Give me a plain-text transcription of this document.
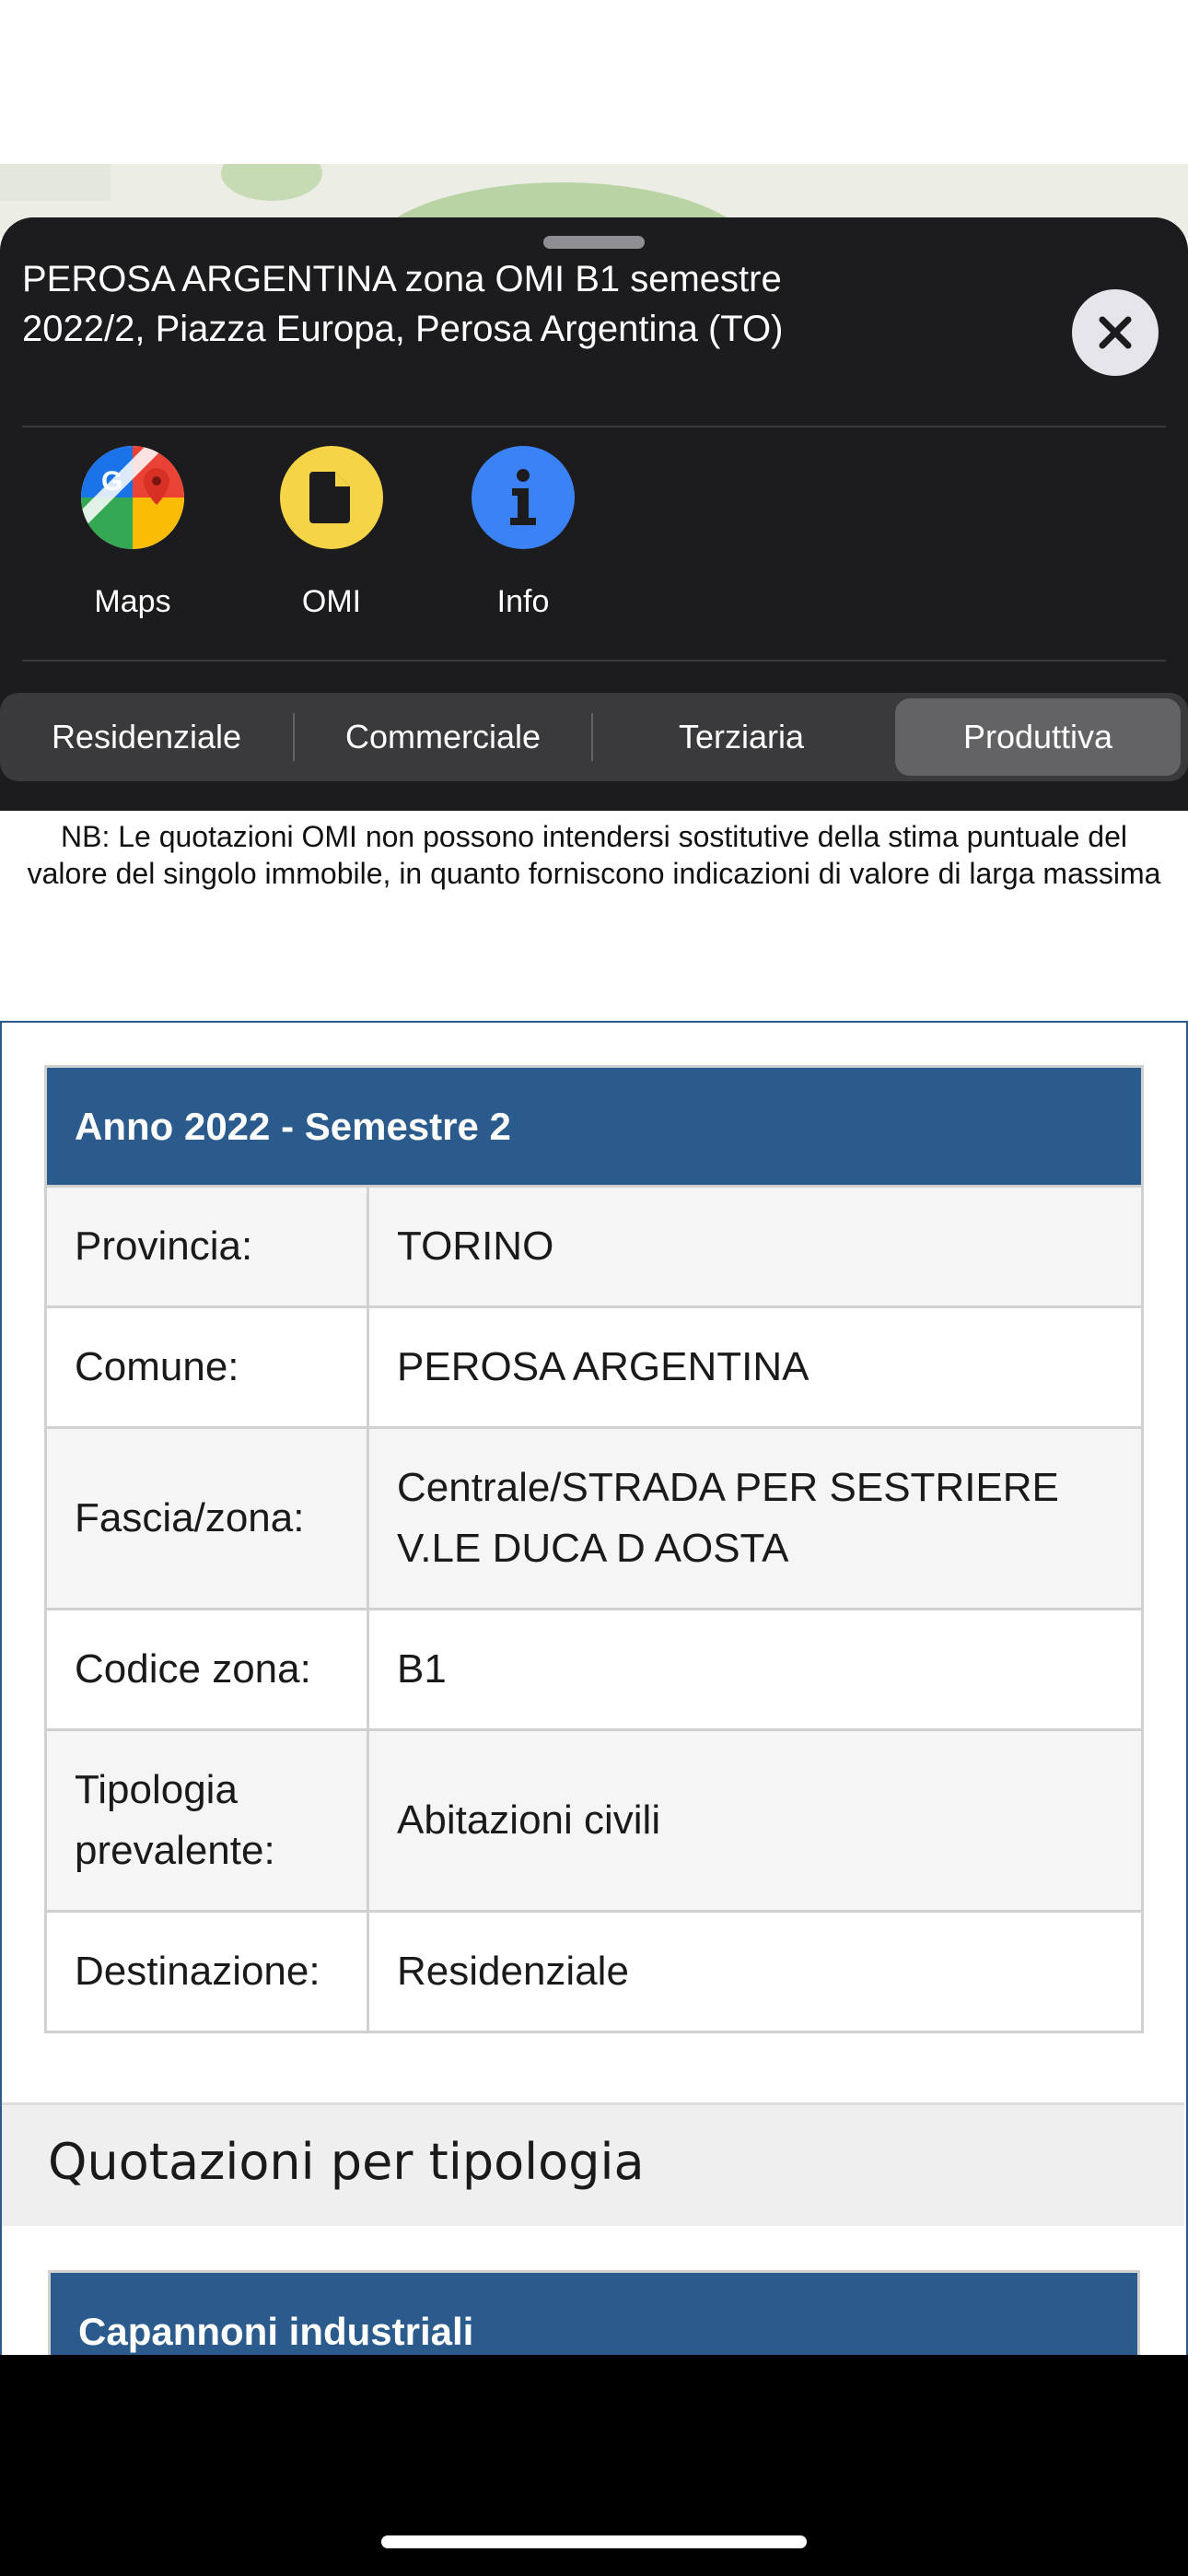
PEROSA ARGENTINA zona OMI B1 semestre 2022/2, Piazza Europa, Perosa Argentina (TO)
G
Maps	OMI	Info
Residenziale	Commerciale	Terziaria	Produttiva
NB: Le quotazioni OMI non possono intendersi sostitutive della stima puntuale del valore del singolo immobile, in quanto forniscono indicazioni di valore di larga massima
Anno 2022 - Semestre 2	
Provincia:	TORINO
Comune:	PEROSA ARGENTINA
Fascia/zona:	Centrale/STRADA PER SESTRIERE V.LE DUCA D AOSTA
Codice zona:	B1
Tipologia prevalente:	Abitazioni civili
Destinazione:	Residenziale
Quotazioni per tipologia
Capannoni industriali
